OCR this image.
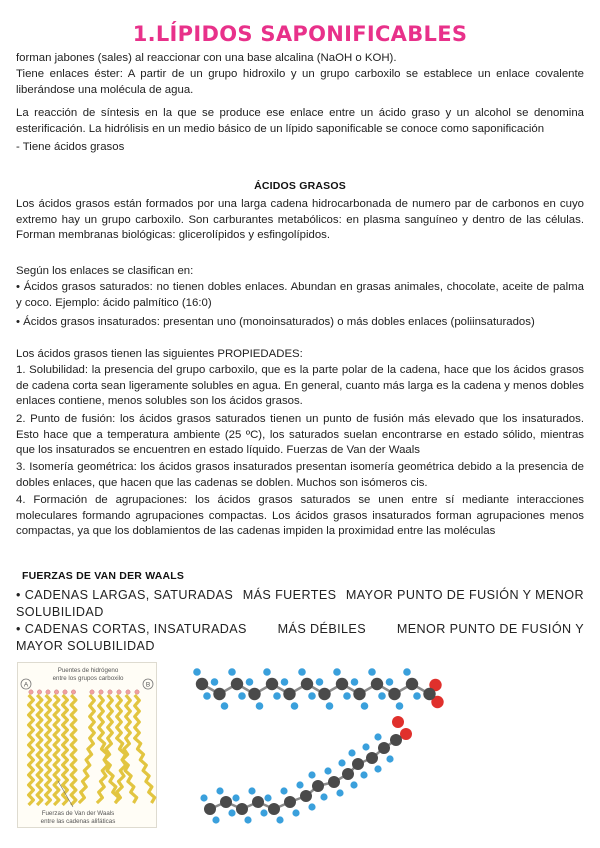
1.LÍPIDOS SAPONIFICABLES

forman jabones (sales) al reaccionar con una base alcalina (NaOH o KOH).

Tiene enlaces éster: A partir de un grupo hidroxilo y un grupo carboxilo se establece un enlace covalente liberándose una molécula de agua.

La reacción de síntesis en la que se produce ese enlace entre un ácido graso y un alcohol se denomina esterificación. La hidrólisis en un medio básico de un lípido saponificable se conoce como saponificación

- Tiene ácidos grasos

ÁCIDOS GRASOS

Los ácidos grasos están formados por una larga cadena hidrocarbonada de numero par de carbonos en cuyo extremo hay un grupo carboxilo. Son carburantes metabólicos: en plasma sanguíneo y dentro de las células. Forman membranas biológicas: glicerolípidos y esfingolípidos.

Según los enlaces se clasifican en:

• Ácidos grasos saturados: no tienen dobles enlaces. Abundan en grasas animales, chocolate, aceite de palma y coco. Ejemplo: ácido palmítico (16:0)

• Ácidos grasos insaturados: presentan uno (monoinsaturados) o más dobles enlaces (poliinsaturados)

Los ácidos grasos tienen las siguientes PROPIEDADES:

1. Solubilidad: la presencia del grupo carboxilo, que es la parte polar de la cadena, hace que los ácidos grasos de cadena corta sean ligeramente solubles en agua. En general, cuanto más larga es la cadena y menos dobles enlaces contiene, menos solubles son los ácidos grasos.

2. Punto de fusión: los ácidos grasos saturados tienen un punto de fusión más elevado que los insaturados. Esto hace que a temperatura ambiente (25 ºC), los saturados suelan encontrarse en estado sólido, mientras que los insaturados se encuentren en estado líquido. Fuerzas de Van der Waals

3. Isomería geométrica: los ácidos grasos insaturados presentan isomería geométrica debido a la presencia de dobles enlaces, que hacen que las cadenas se doblen. Muchos son isómeros cis.

4. Formación de agrupaciones: los ácidos grasos saturados se unen entre sí mediante interacciones moleculares formando agrupaciones compactas. Los ácidos grasos insaturados forman agrupaciones menos compactas, ya que los doblamientos de las cadenas impiden la proximidad entre las moléculas

FUERZAS DE VAN DER WAALS
• CADENAS LARGAS, SATURADAS MÁS FUERTES MAYOR PUNTO DE FUSIÓN Y MENOR
SOLUBILIDAD
• CADENAS CORTAS, INSATURADAS MÁS DÉBILES MENOR PUNTO DE FUSIÓN Y
MAYOR SOLUBILIDAD
Puentes de hidrógeno
entre los grupos carboxilo
A	B
Fuerzas de Van der Waals
entre las cadenas alifáticas
